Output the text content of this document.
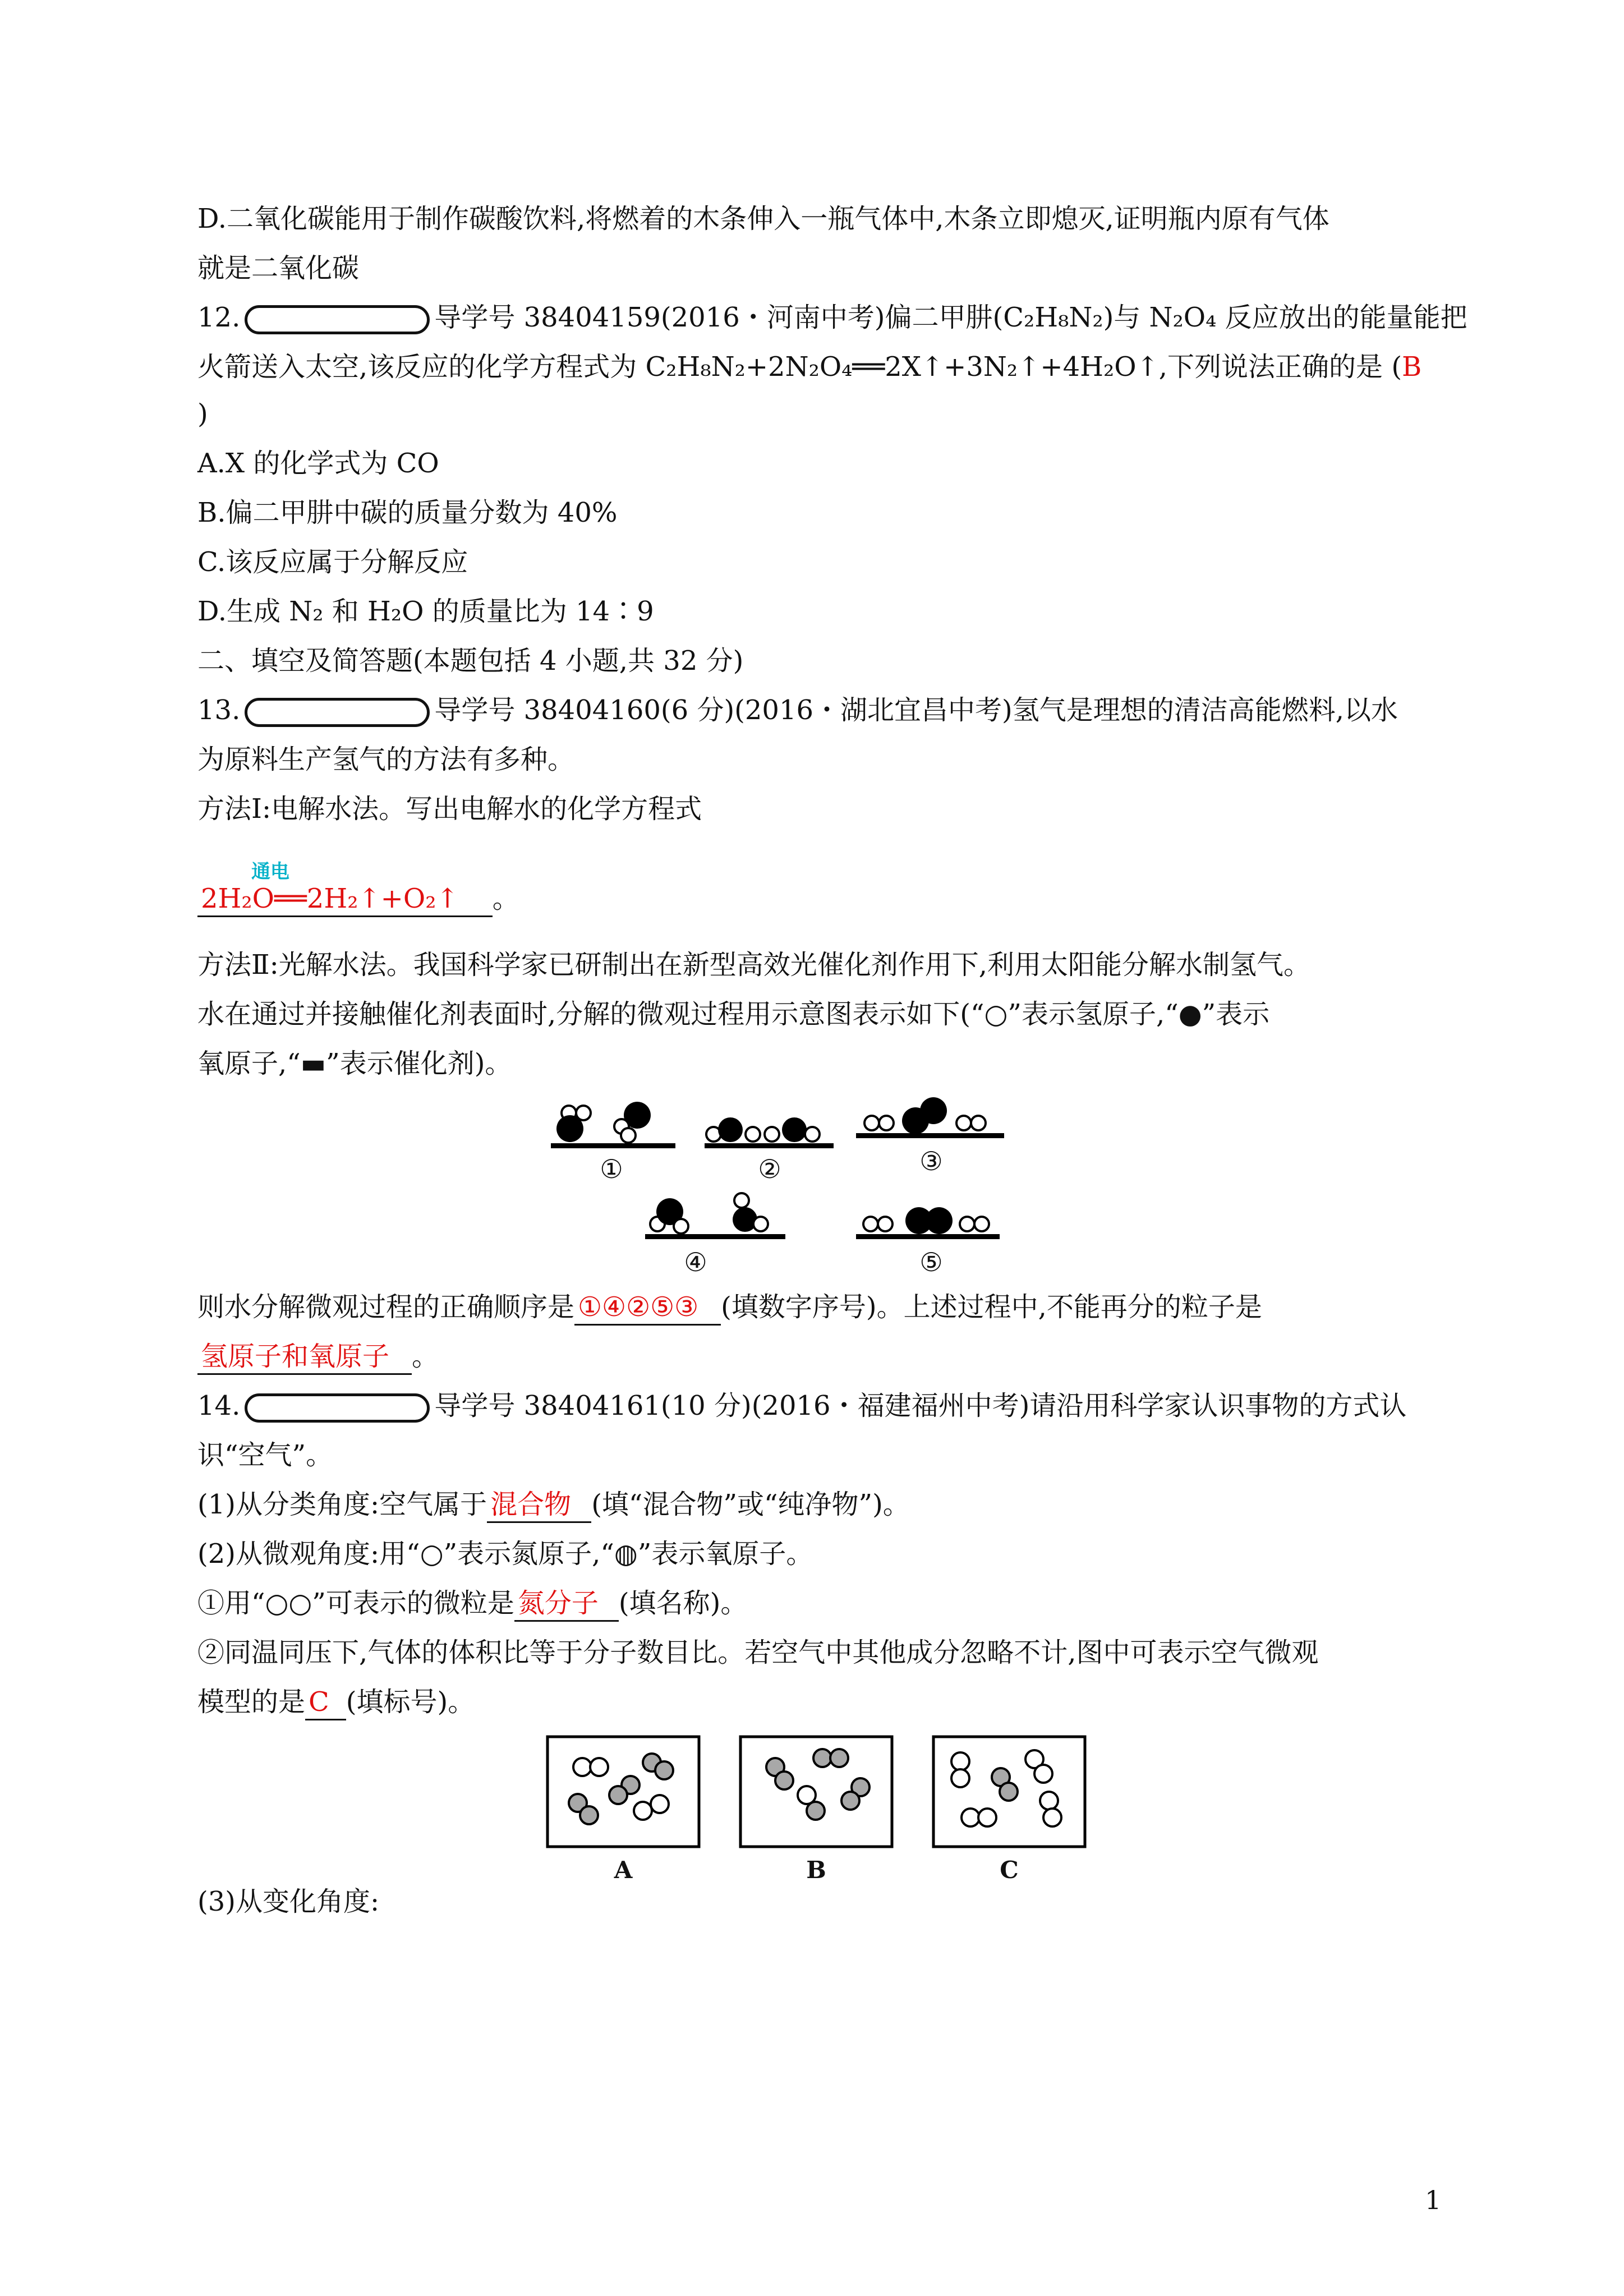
D.二氧化碳能用于制作碳酸饮料,将燃着的木条伸入一瓶气体中,木条立即熄灭,证明瓶内原有气体
就是二氧化碳
12.	导学号 38404159(2016・河南中考)偏二甲肼(C₂H₈N₂)与 N₂O₄ 反应放出的能量能把
火箭送入太空,该反应的化学方程式为 C₂H₈N₂+2N₂O₄══2X↑+3N₂↑+4H₂O↑,下列说法正确的是 (B
)
A.X 的化学式为 CO
B.偏二甲肼中碳的质量分数为 40%
C.该反应属于分解反应
D.生成 N₂ 和 H₂O 的质量比为 14∶9
二、填空及简答题(本题包括 4 小题,共 32 分)
13.	导学号 38404160(6 分)(2016・湖北宜昌中考)氢气是理想的清洁高能燃料,以水
为原料生产氢气的方法有多种。
方法Ⅰ:电解水法。写出电解水的化学方程式
通电
2H₂O══2H₂↑+O₂↑ 。
方法Ⅱ:光解水法。我国科学家已研制出在新型高效光催化剂作用下,利用太阳能分解水制氢气。
水在通过并接触催化剂表面时,分解的微观过程用示意图表示如下(“○”表示氢原子,“●”表示
氧原子,“▬”表示催化剂)。
①	②	③
④	⑤
则水分解微观过程的正确顺序是 ①④②⑤③ (填数字序号)。上述过程中,不能再分的粒子是
氢原子和氧原子 。
14.	导学号 38404161(10 分)(2016・福建福州中考)请沿用科学家认识事物的方式认
识“空气”。
(1)从分类角度:空气属于 混合物 (填“混合物”或“纯净物”)。
(2)从微观角度:用“○”表示氮原子,“◍”表示氧原子。
①用“○○”可表示的微粒是 氮分子 (填名称)。
②同温同压下,气体的体积比等于分子数目比。若空气中其他成分忽略不计,图中可表示空气微观
模型的是 C (填标号)。
A	B	C
(3)从变化角度:
1
